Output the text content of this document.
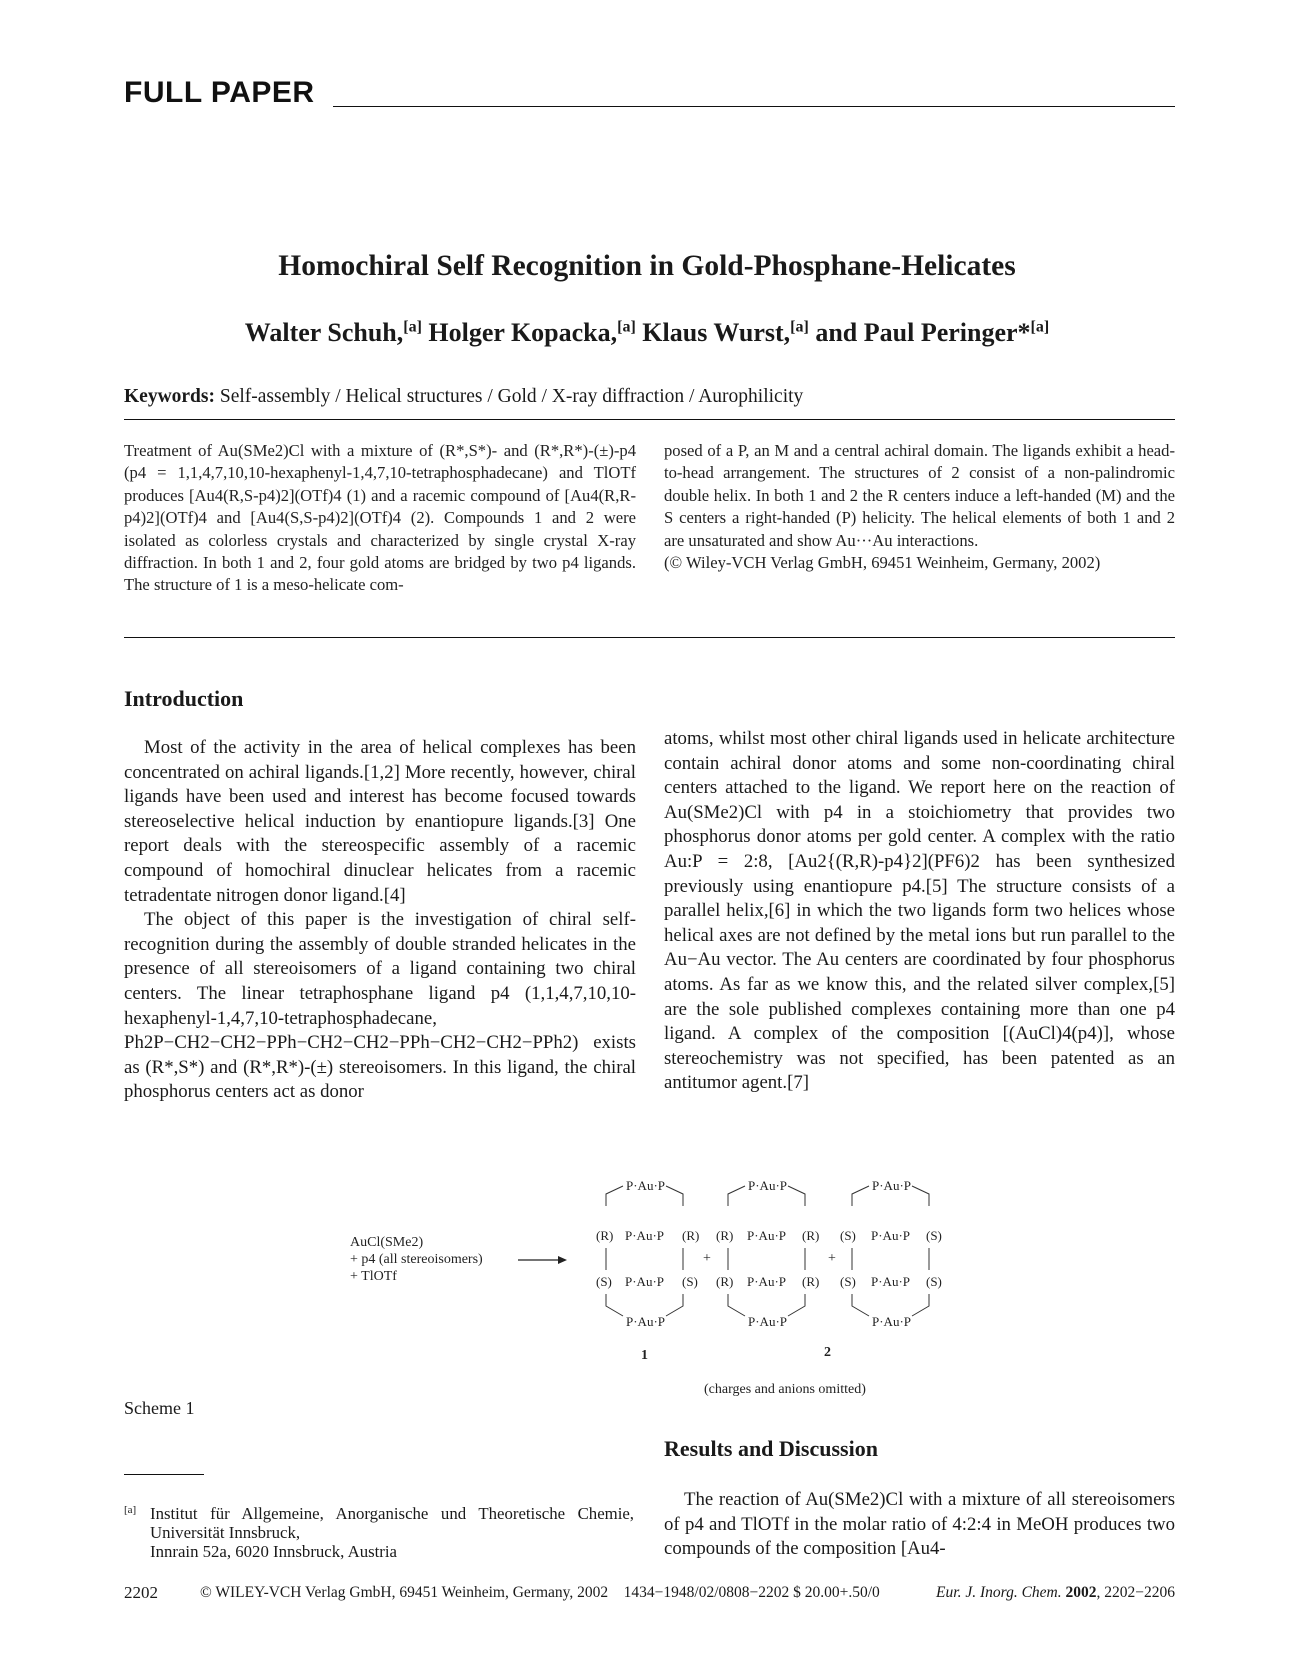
FULL PAPER
Homochiral Self Recognition in Gold-Phosphane-Helicates
Walter Schuh,[a] Holger Kopacka,[a] Klaus Wurst,[a] and Paul Peringer*[a]
Keywords: Self-assembly / Helical structures / Gold / X-ray diffraction / Aurophilicity

Treatment of Au(SMe2)Cl with a mixture of (R*,S*)- and (R*,R*)-(±)-p4 (p4 = 1,1,4,7,10,10-hexaphenyl-1,4,7,10-tetraphosphadecane) and TlOTf produces [Au4(R,S-p4)2](OTf)4 (1) and a racemic compound of [Au4(R,R-p4)2](OTf)4 and [Au4(S,S-p4)2](OTf)4 (2). Compounds 1 and 2 were isolated as colorless crystals and characterized by single crystal X-ray diffraction. In both 1 and 2, four gold atoms are bridged by two p4 ligands. The structure of 1 is a meso-helicate com-

posed of a P, an M and a central achiral domain. The ligands exhibit a head-to-head arrangement. The structures of 2 consist of a non-palindromic double helix. In both 1 and 2 the R centers induce a left-handed (M) and the S centers a right-handed (P) helicity. The helical elements of both 1 and 2 are unsaturated and show Au···Au interactions.

(© Wiley-VCH Verlag GmbH, 69451 Weinheim, Germany, 2002)

Introduction

Most of the activity in the area of helical complexes has been concentrated on achiral ligands.[1,2] More recently, however, chiral ligands have been used and interest has become focused towards stereoselective helical induction by enantiopure ligands.[3] One report deals with the stereospecific assembly of a racemic compound of homochiral dinuclear helicates from a racemic tetradentate nitrogen donor ligand.[4]

The object of this paper is the investigation of chiral self-recognition during the assembly of double stranded helicates in the presence of all stereoisomers of a ligand containing two chiral centers. The linear tetraphosphane ligand p4 (1,1,4,7,10,10-hexaphenyl-1,4,7,10-tetraphosphadecane, Ph2P−CH2−CH2−PPh−CH2−CH2−PPh−CH2−CH2−PPh2) exists as (R*,S*) and (R*,R*)-(±) stereoisomers. In this ligand, the chiral phosphorus centers act as donor

atoms, whilst most other chiral ligands used in helicate architecture contain achiral donor atoms and some non-coordinating chiral centers attached to the ligand. We report here on the reaction of Au(SMe2)Cl with p4 in a stoichiometry that provides two phosphorus donor atoms per gold center. A complex with the ratio Au:P = 2:8, [Au2{(R,R)-p4}2](PF6)2 has been synthesized previously using enantiopure p4.[5] The structure consists of a parallel helix,[6] in which the two ligands form two helices whose helical axes are not defined by the metal ions but run parallel to the Au−Au vector. The Au centers are coordinated by four phosphorus atoms. As far as we know this, and the related silver complex,[5] are the sole published complexes containing more than one p4 ligand. A complex of the composition [(AuCl)4(p4)], whose stereochemistry was not specified, has been patented as an antitumor agent.[7]

AuCl(SMe2)
+ p4 (all stereoisomers)
+ TlOTf
P·Au·P
(R) P·Au·P (R)
(S) P·Au·P (S)
P·Au·P
+
P·Au·P
(R) P·Au·P (R)
(R) P·Au·P (R)
P·Au·P
+
P·Au·P
(S) P·Au·P (S)
(S) P·Au·P (S)
P·Au·P
1	2
(charges and anions omitted)
Scheme 1
Results and Discussion

The reaction of Au(SMe2)Cl with a mixture of all stereoisomers of p4 and TlOTf in the molar ratio of 4:2:4 in MeOH produces two compounds of the composition [Au4-

[a] Institut für Allgemeine, Anorganische und Theoretische Chemie, Universität Innsbruck,
Innrain 52a, 6020 Innsbruck, Austria
2202	© WILEY-VCH Verlag GmbH, 69451 Weinheim, Germany, 2002 1434−1948/02/0808−2202 $ 20.00+.50/0	Eur. J. Inorg. Chem. 2002, 2202−2206
